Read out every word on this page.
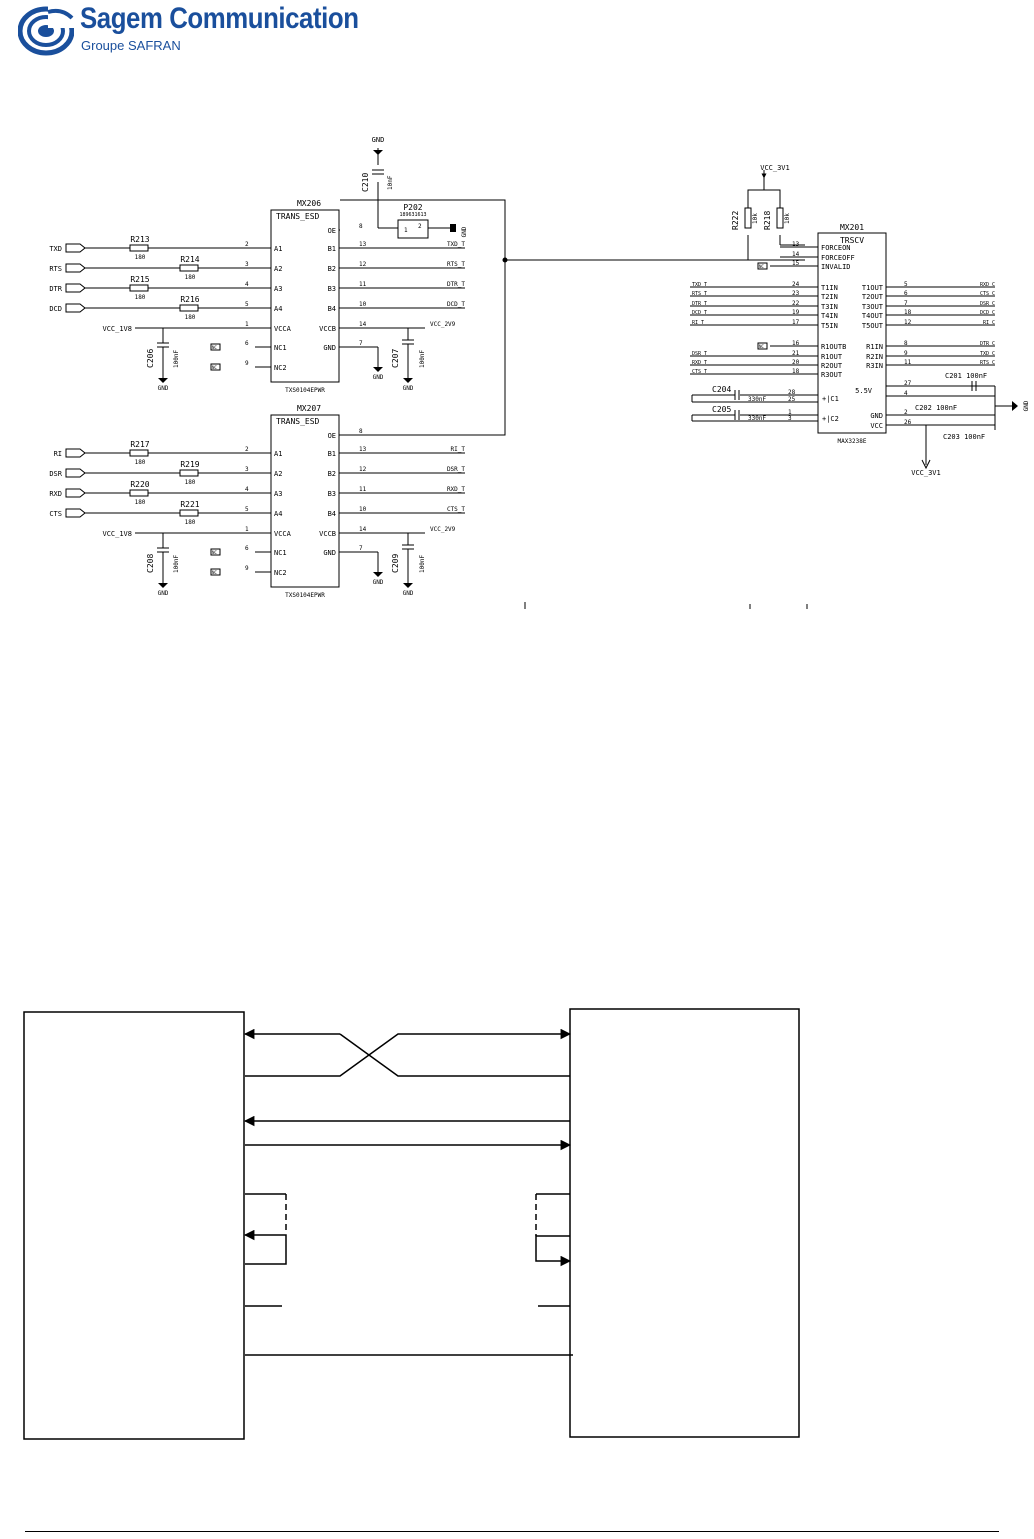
Sagem Communication
Groupe SAFRAN
GND
C210	10nF
P202
189631613
2
1	GND
MX206
TRANS_ESD
TXS0104EPWR
A1
2
A2
3
A3
4
A4
5
VCCA
1
NC1
6
NC2
9
OE
8
B1
13	TXD_T
B2
12	RTS_T
B3
11	DTR_T
B4
10	DCD_T
VCCB
14	VCC_2V9
GND
7
TXD
R213
180
RTS
R214
180
DTR
R215
180
DCD
R216
180
VCC_1V8
GND
C206	100nF
NC
NC
GND
GND
C207	100nF
MX207
TRANS_ESD
TXS0104EPWR
A1
2
A2
3
A3
4
A4
5
VCCA
1
NC1
6
NC2
9
OE
8
B1
13	RI_T
B2
12	DSR_T
B3
11	RXD_T
B4
10	CTS_T
VCCB
14	VCC_2V9
GND
7
RI
R217
180
DSR
R219
180
RXD
R220
180
CTS
R221
180
VCC_1V8
GND
C208	100nF
NC
NC
GND
GND
C209	100nF
MX201
TRSCV
MAX3238E
VCC_3V1
R222 10k R218 10k
FORCEON
13
FORCEOFF
14
INVALID
15
NC
TXD_T	24	T1IN
RTS_T	23	T2IN
DTR_T	22	T3IN
DCD_T	19	T4IN
RI_T	17	T5IN
T1OUT	5	RXD_C
T2OUT	6	CTS_C
T3OUT	7	DSR_C
T4OUT	18	DCD_C
T5OUT	12	RI_C
16	R1OUTB
DSR_T	21	R1OUT
RXD_T	20	R2OUT
CTS_T	18	R3OUT
NC	R1IN	8	DTR_C
R2IN	9	TXD_C
R3IN	11	RTS_C
C204
330nF
28
25	+|C1
C205
330nF
1
3	+|C2
5.5V
27
4
C201 100nF
C202 100nF
GND	2
VCC	26
C203 100nF
VCC_3V1
GND
